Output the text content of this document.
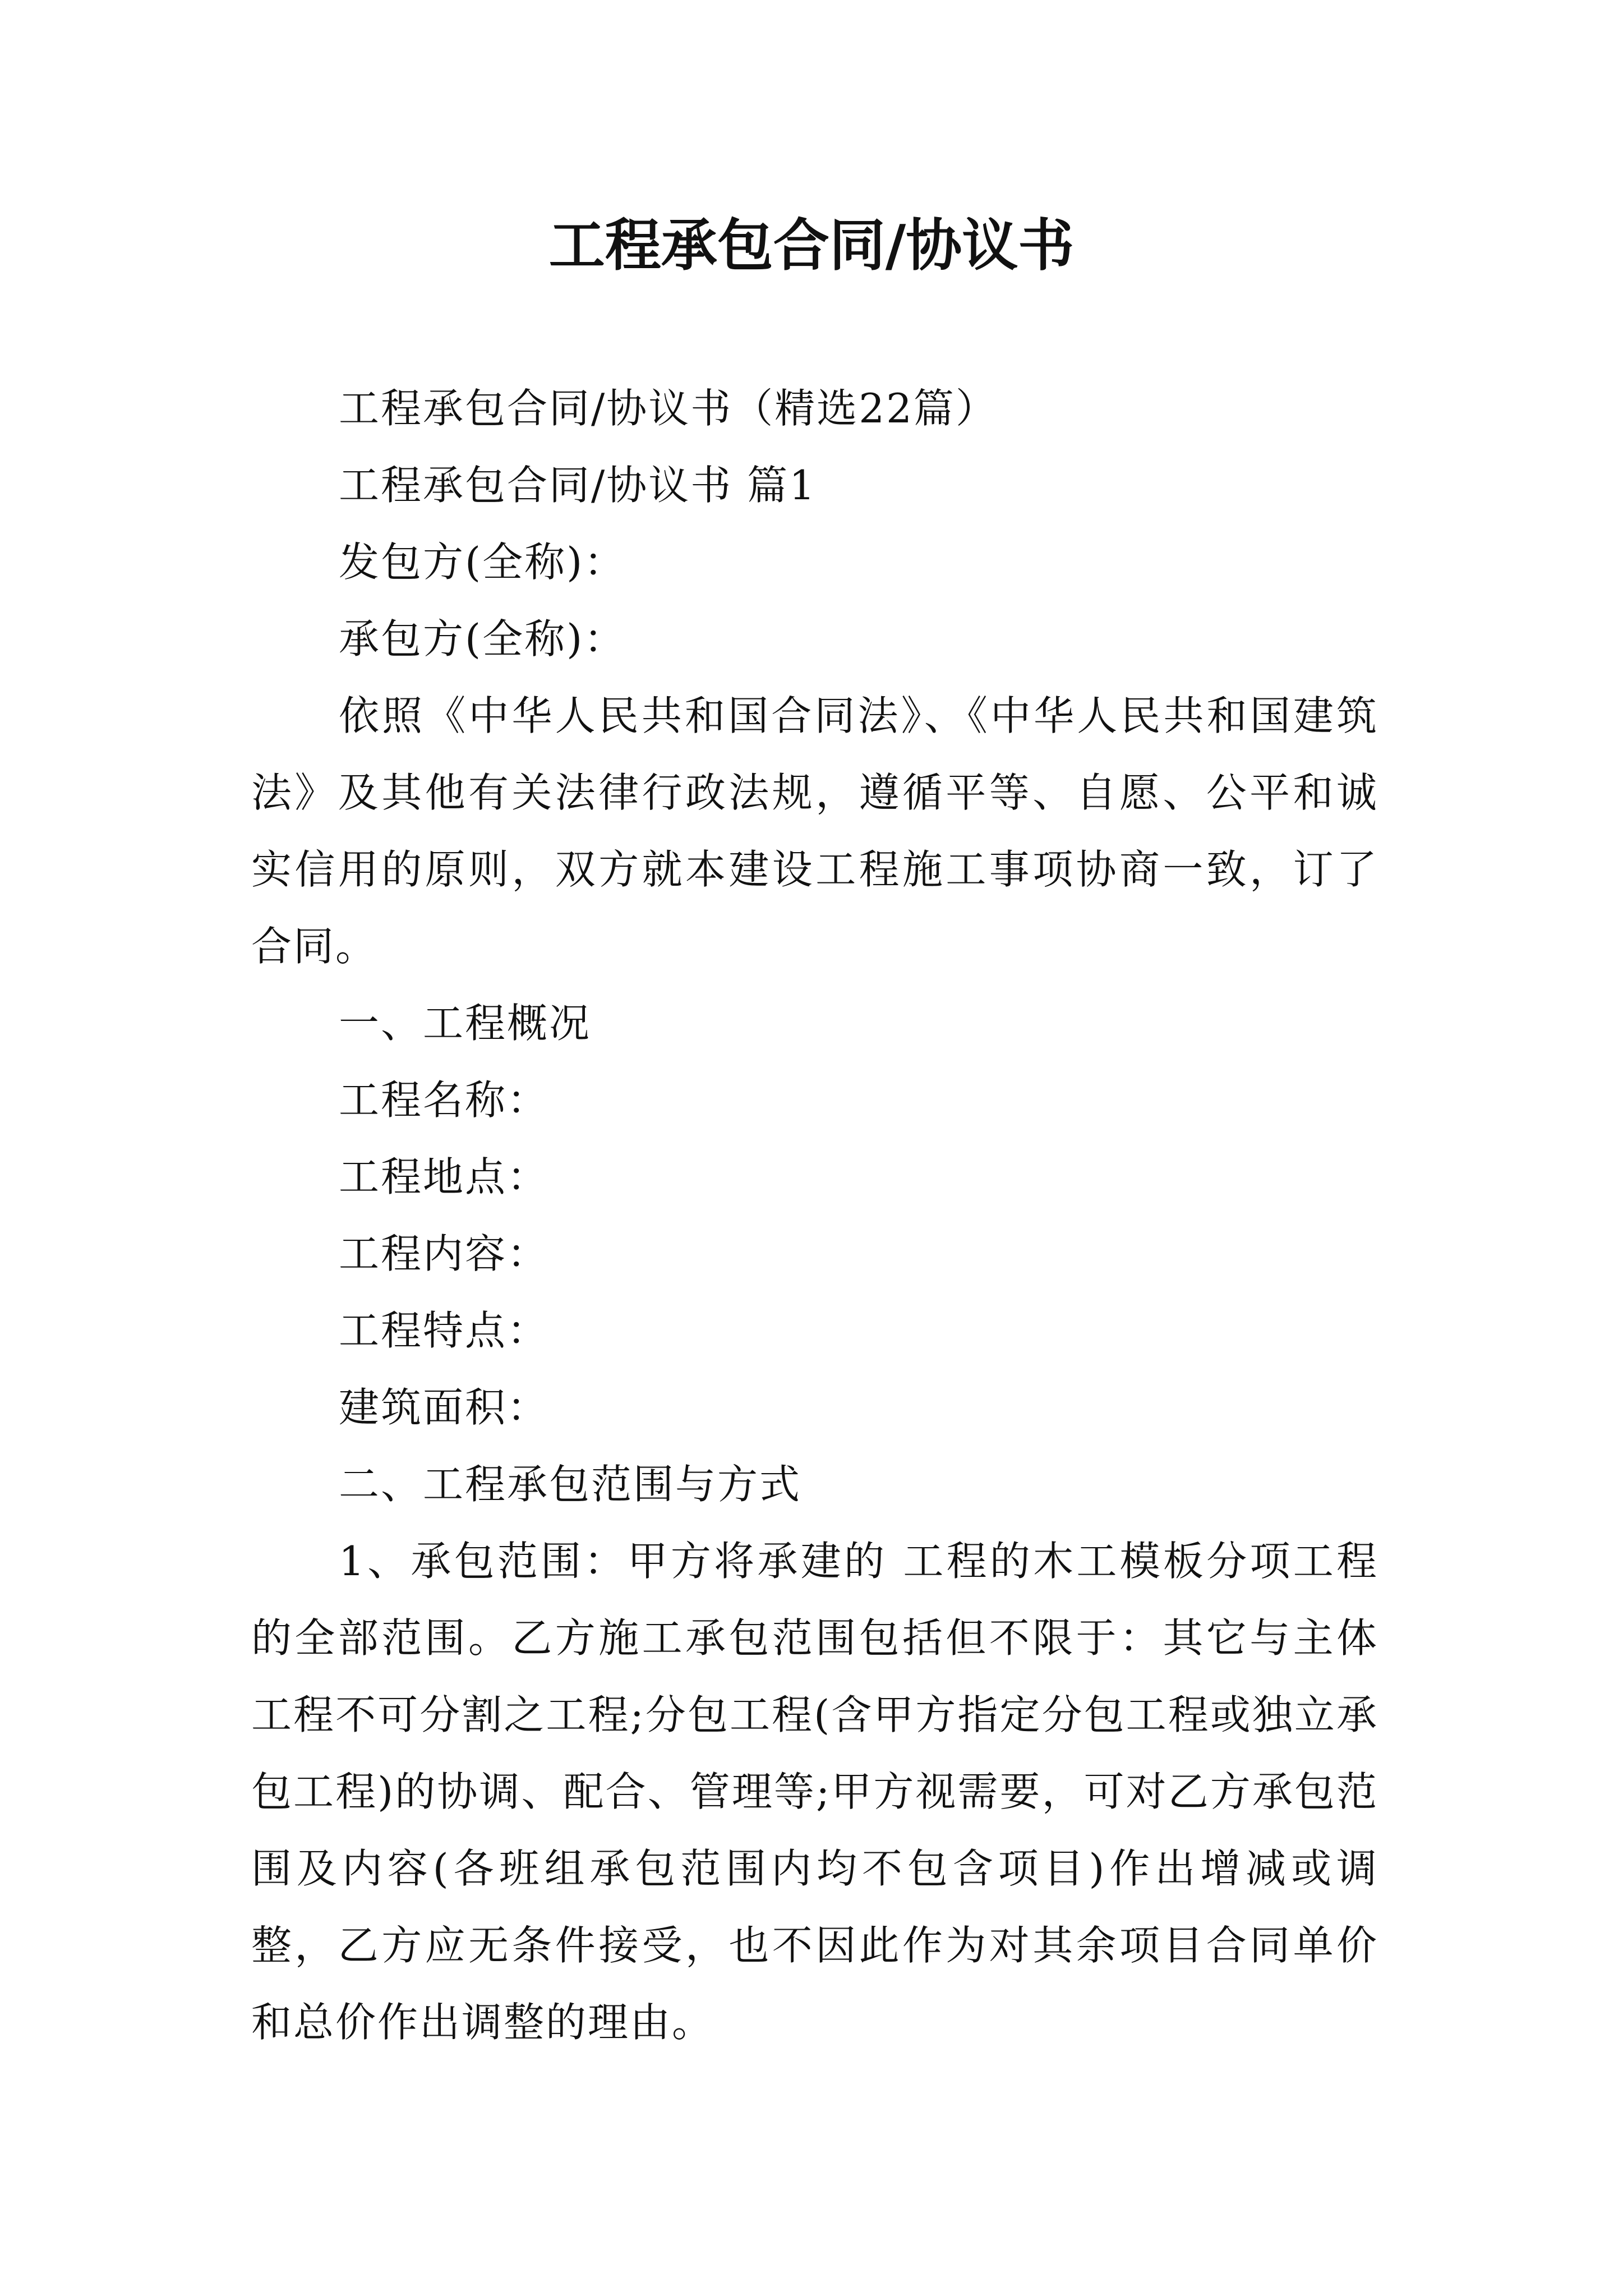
工程承包合同/协议书

工程承包合同/协议书（精选22篇）

工程承包合同/协议书 篇1

发包方(全称)：

承包方(全称)：

依照《中华人民共和国合同法》、《中华人民共和国建筑法》及其他有关法律行政法规，遵循平等、自愿、公平和诚实信用的原则，双方就本建设工程施工事项协商一致，订了合同。

一、工程概况

工程名称：

工程地点：

工程内容：

工程特点：

建筑面积：

二、工程承包范围与方式

1、承包范围：甲方将承建的 工程的木工模板分项工程的全部范围。乙方施工承包范围包括但不限于：其它与主体工程不可分割之工程;分包工程(含甲方指定分包工程或独立承包工程)的协调、配合、管理等;甲方视需要，可对乙方承包范围及内容(各班组承包范围内均不包含项目)作出增减或调整，乙方应无条件接受，也不因此作为对其余项目合同单价和总价作出调整的理由。
